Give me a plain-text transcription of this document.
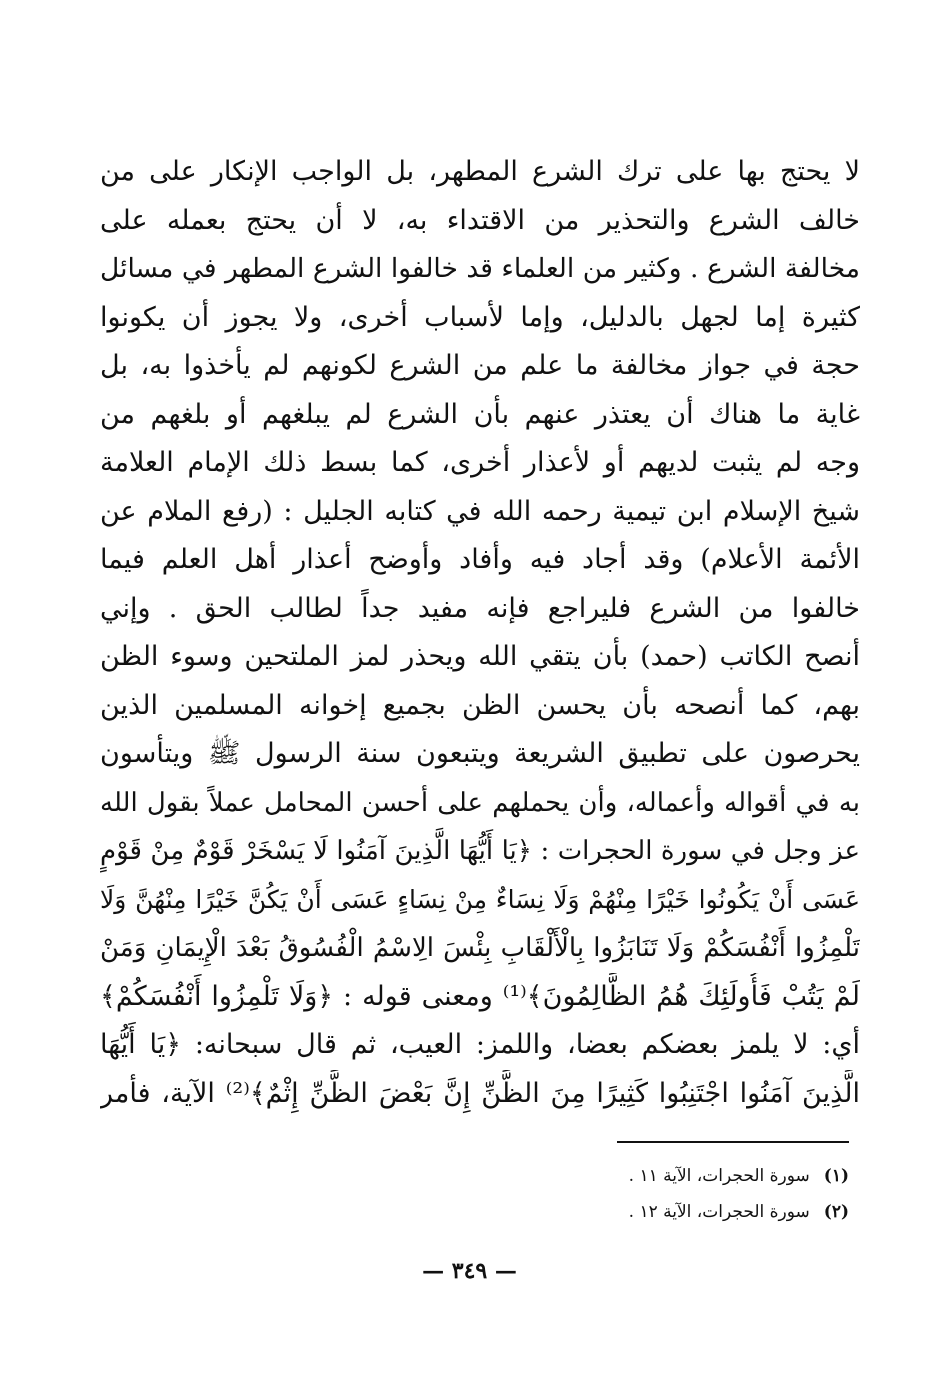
لا يحتج بها على ترك الشرع المطهر، بل الواجب الإنكار على من
خالف الشرع والتحذير من الاقتداء به، لا أن يحتج بعمله على
مخالفة الشرع . وكثير من العلماء قد خالفوا الشرع المطهر في مسائل
كثيرة إما لجهل بالدليل، وإما لأسباب أخرى، ولا يجوز أن يكونوا
حجة في جواز مخالفة ما علم من الشرع لكونهم لم يأخذوا به، بل
غاية ما هناك أن يعتذر عنهم بأن الشرع لم يبلغهم أو بلغهم من
وجه لم يثبت لديهم أو لأعذار أخرى، كما بسط ذلك الإمام العلامة
شيخ الإسلام ابن تيمية رحمه الله في كتابه الجليل : (رفع الملام عن
الأئمة الأعلام) وقد أجاد فيه وأفاد وأوضح أعذار أهل العلم فيما
خالفوا من الشرع فليراجع فإنه مفيد جداً لطالب الحق . وإني
أنصح الكاتب (حمد) بأن يتقي الله ويحذر لمز الملتحين وسوء الظن
بهم، كما أنصحه بأن يحسن الظن بجميع إخوانه المسلمين الذين
يحرصون على تطبيق الشريعة ويتبعون سنة الرسول ﷺ ويتأسون
به في أقواله وأعماله، وأن يحملهم على أحسن المحامل عملاً بقول الله
عز وجل في سورة الحجرات : ﴿يَا أَيُّهَا الَّذِينَ آمَنُوا لَا يَسْخَرْ قَوْمٌ مِنْ قَوْمٍ
عَسَى أَنْ يَكُونُوا خَيْرًا مِنْهُمْ وَلَا نِسَاءٌ مِنْ نِسَاءٍ عَسَى أَنْ يَكُنَّ خَيْرًا مِنْهُنَّ وَلَا
تَلْمِزُوا أَنْفُسَكُمْ وَلَا تَنَابَزُوا بِالْأَلْقَابِ بِئْسَ الِاسْمُ الْفُسُوقُ بَعْدَ الْإِيمَانِ وَمَنْ
لَمْ يَتُبْ فَأُولَئِكَ هُمُ الظَّالِمُونَ﴾⁽¹⁾ ومعنى قوله : ﴿وَلَا تَلْمِزُوا أَنْفُسَكُمْ﴾
أي: لا يلمز بعضكم بعضا، واللمز: العيب، ثم قال سبحانه: ﴿يَا أَيُّهَا
الَّذِينَ آمَنُوا اجْتَنِبُوا كَثِيرًا مِنَ الظَّنِّ إِنَّ بَعْضَ الظَّنِّ إِثْمٌ﴾⁽²⁾ الآية، فأمر
(١)سورة الحجرات، الآية ١١ .
(٢)سورة الحجرات، الآية ١٢ .
— ٣٤٩ —
